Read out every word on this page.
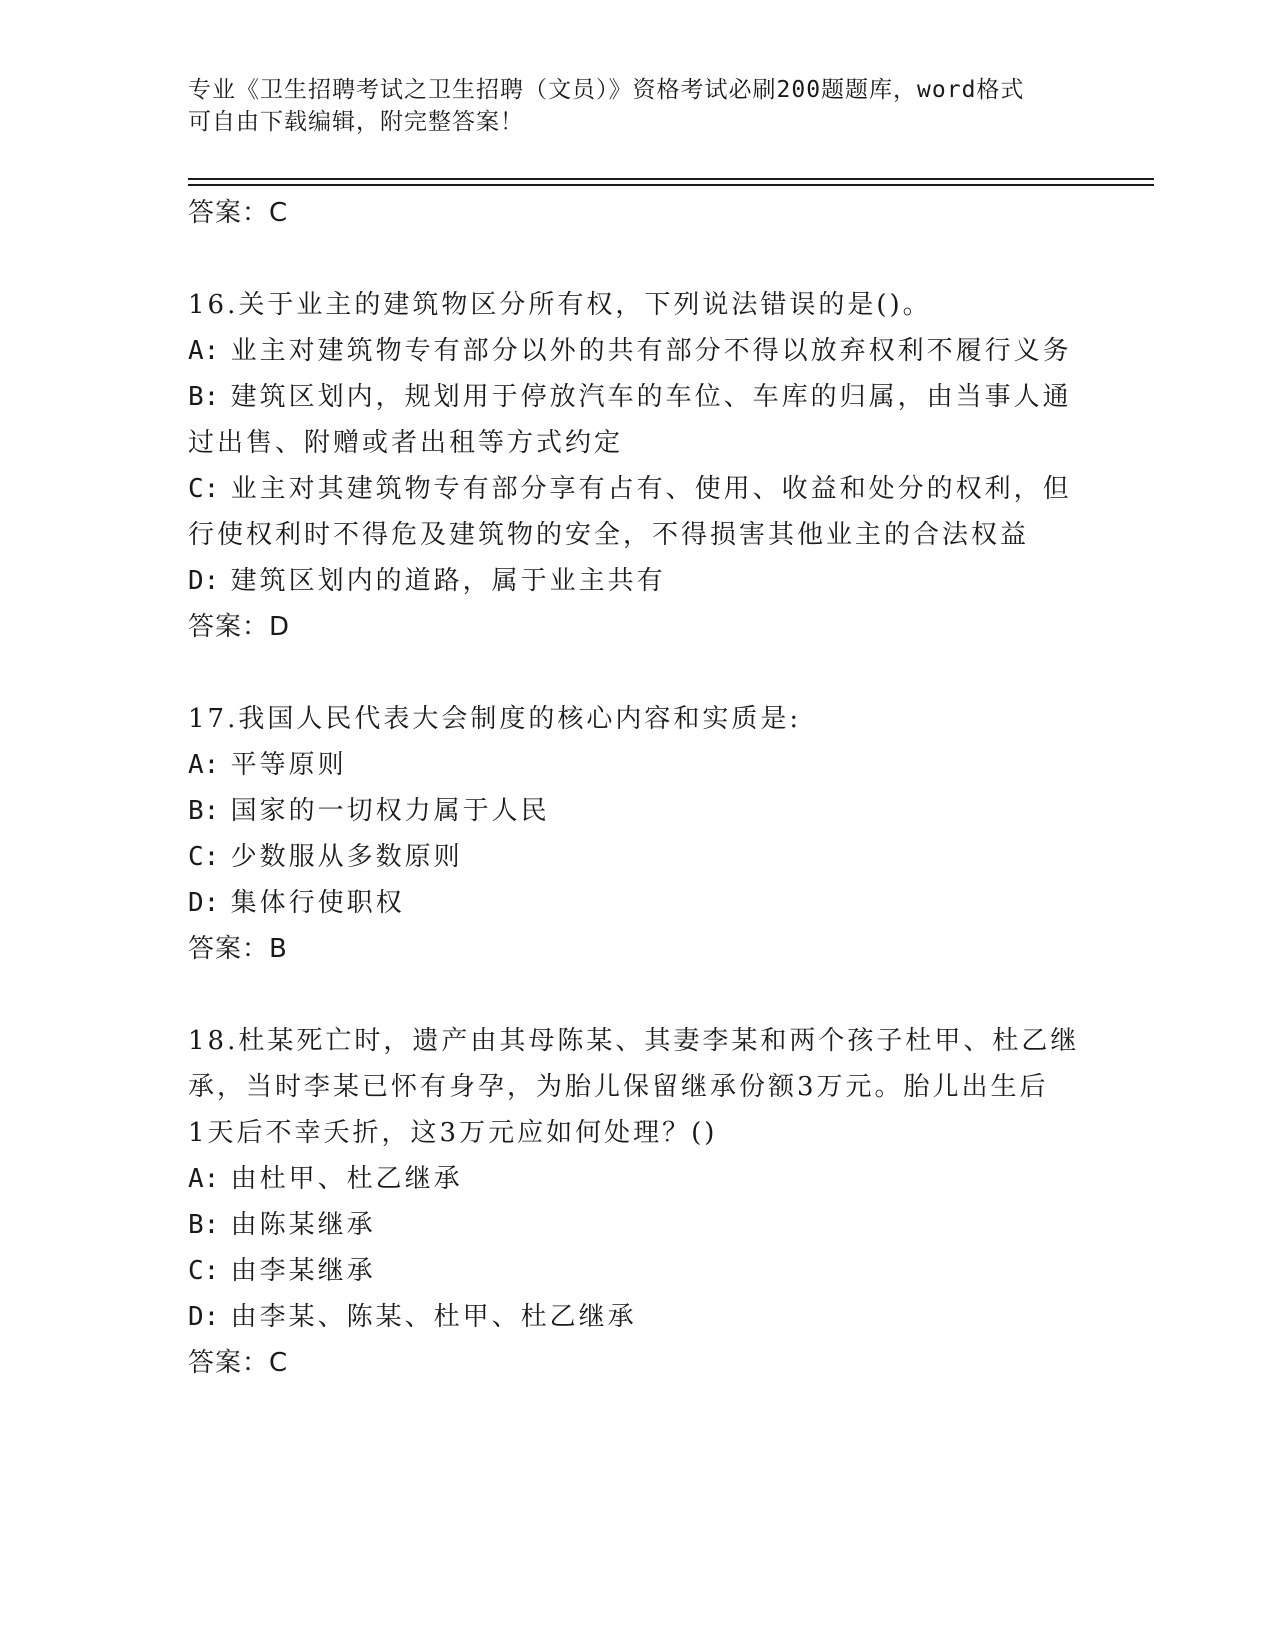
专业《卫生招聘考试之卫生招聘（文员）》资格考试必刷200题题库，word格式
可自由下载编辑，附完整答案！

答案：C

16.关于业主的建筑物区分所有权，下列说法错误的是()。

A: 业主对建筑物专有部分以外的共有部分不得以放弃权利不履行义务

B: 建筑区划内，规划用于停放汽车的车位、车库的归属，由当事人通

过出售、附赠或者出租等方式约定

C: 业主对其建筑物专有部分享有占有、使用、收益和处分的权利，但

行使权利时不得危及建筑物的安全，不得损害其他业主的合法权益

D: 建筑区划内的道路，属于业主共有

答案：D

17.我国人民代表大会制度的核心内容和实质是:

A: 平等原则

B: 国家的一切权力属于人民

C: 少数服从多数原则

D: 集体行使职权

答案：B

18.杜某死亡时，遗产由其母陈某、其妻李某和两个孩子杜甲、杜乙继

承，当时李某已怀有身孕，为胎儿保留继承份额3万元。胎儿出生后

1天后不幸夭折，这3万元应如何处理？()

A: 由杜甲、杜乙继承

B: 由陈某继承

C: 由李某继承

D: 由李某、陈某、杜甲、杜乙继承

答案：C
